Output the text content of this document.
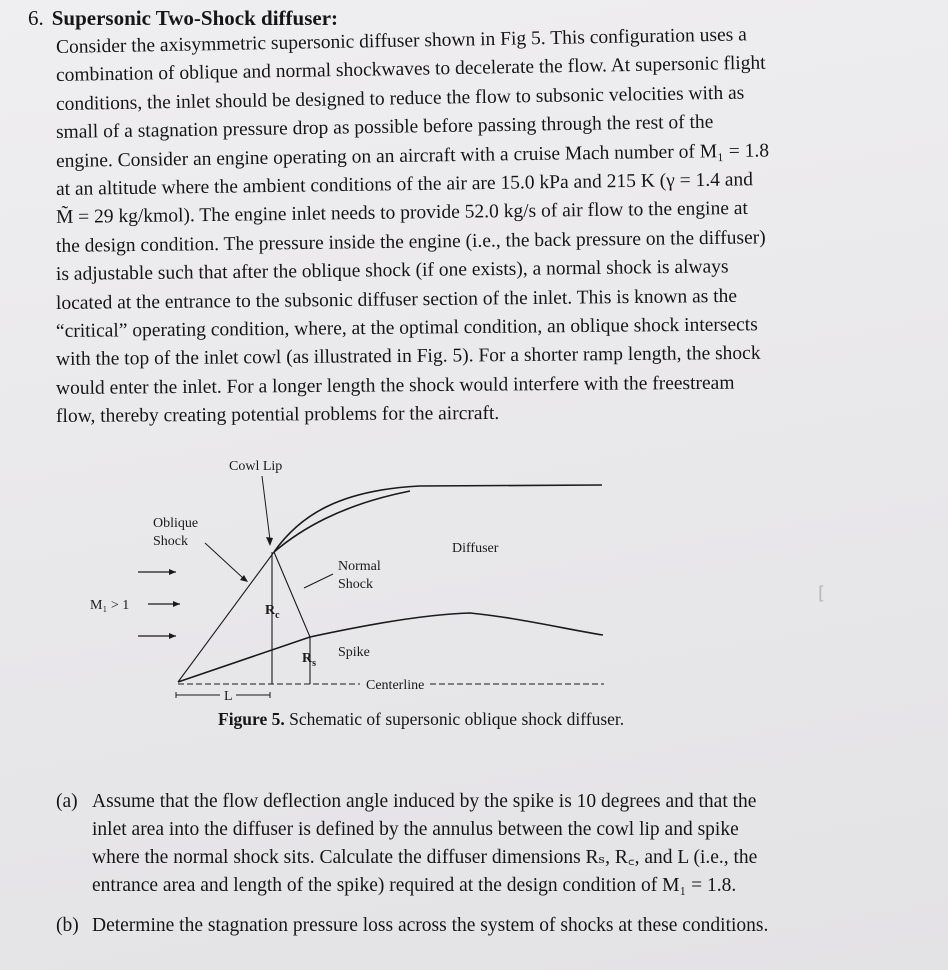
6. Supersonic Two-Shock diffuser:
Consider the axisymmetric supersonic diffuser shown in Fig 5. This configuration uses a
combination of oblique and normal shockwaves to decelerate the flow. At supersonic flight
conditions, the inlet should be designed to reduce the flow to subsonic velocities with as
small of a stagnation pressure drop as possible before passing through the rest of the
engine. Consider an engine operating on an aircraft with a cruise Mach number of M₁ = 1.8
at an altitude where the ambient conditions of the air are 15.0 kPa and 215 K (γ = 1.4 and
M̃ = 29 kg/kmol). The engine inlet needs to provide 52.0 kg/s of air flow to the engine at
the design condition. The pressure inside the engine (i.e., the back pressure on the diffuser)
is adjustable such that after the oblique shock (if one exists), a normal shock is always
located at the entrance to the subsonic diffuser section of the inlet. This is known as the
“critical” operating condition, where, at the optimal condition, an oblique shock intersects
with the top of the inlet cowl (as illustrated in Fig. 5). For a shorter ramp length, the shock
would enter the inlet. For a longer length the shock would interfere with the freestream
flow, thereby creating potential problems for the aircraft.
Cowl Lip
Oblique
Shock	Diffuser
Normal
Shock
M₁ > 1	$R_c$
$R_s$
Spike
Centerline
L
[
Figure 5. Schematic of supersonic oblique shock diffuser.
(a) Assume that the flow deflection angle induced by the spike is 10 degrees and that the
inlet area into the diffuser is defined by the annulus between the cowl lip and spike
where the normal shock sits. Calculate the diffuser dimensions Rₛ, R꜀, and L (i.e., the
entrance area and length of the spike) required at the design condition of M₁ = 1.8.
(b) Determine the stagnation pressure loss across the system of shocks at these conditions.
